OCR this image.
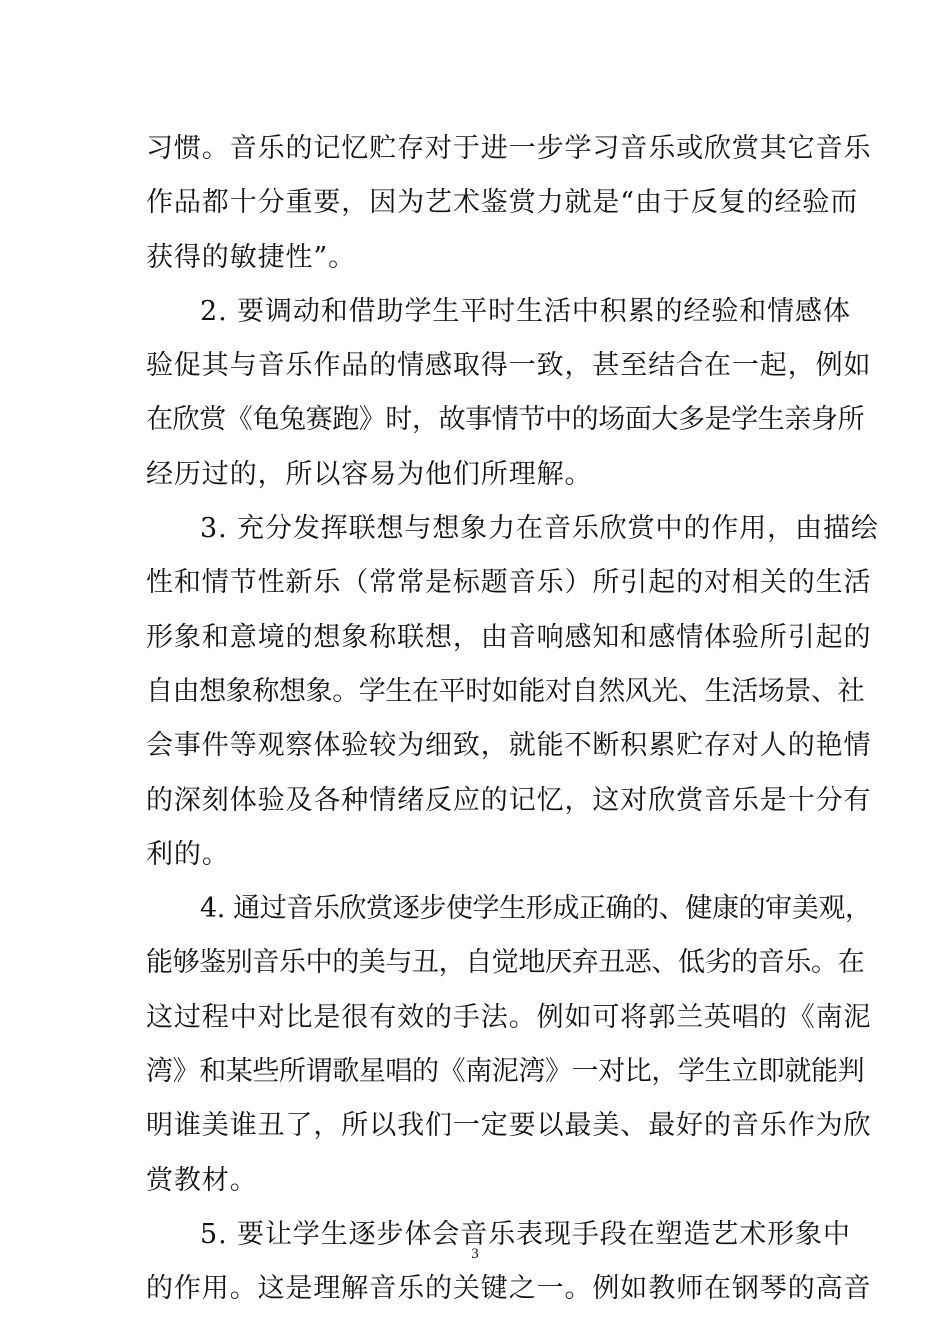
习惯。音乐的记忆贮存对于进一步学习音乐或欣赏其它音乐
作品都十分重要，因为艺术鉴赏力就是“由于反复的经验而
获得的敏捷性”。
2. 要调动和借助学生平时生活中积累的经验和情感体
验促其与音乐作品的情感取得一致，甚至结合在一起，例如
在欣赏《龟兔赛跑》时，故事情节中的场面大多是学生亲身所
经历过的，所以容易为他们所理解。
3. 充分发挥联想与想象力在音乐欣赏中的作用，由描绘
性和情节性新乐（常常是标题音乐）所引起的对相关的生活
形象和意境的想象称联想，由音响感知和感情体验所引起的
自由想象称想象。学生在平时如能对自然风光、生活场景、社
会事件等观察体验较为细致，就能不断积累贮存对人的艳情
的深刻体验及各种情绪反应的记忆，这对欣赏音乐是十分有
利的。
4. 通过音乐欣赏逐步使学生形成正确的、健康的审美观，
能够鉴别音乐中的美与丑，自觉地厌弃丑恶、低劣的音乐。在
这过程中对比是很有效的手法。例如可将郭兰英唱的《南泥
湾》和某些所谓歌星唱的《南泥湾》一对比，学生立即就能判
明谁美谁丑了，所以我们一定要以最美、最好的音乐作为欣
赏教材。
5. 要让学生逐步体会音乐表现手段在塑造艺术形象中
的作用。这是理解音乐的关键之一。例如教师在钢琴的高音
3
